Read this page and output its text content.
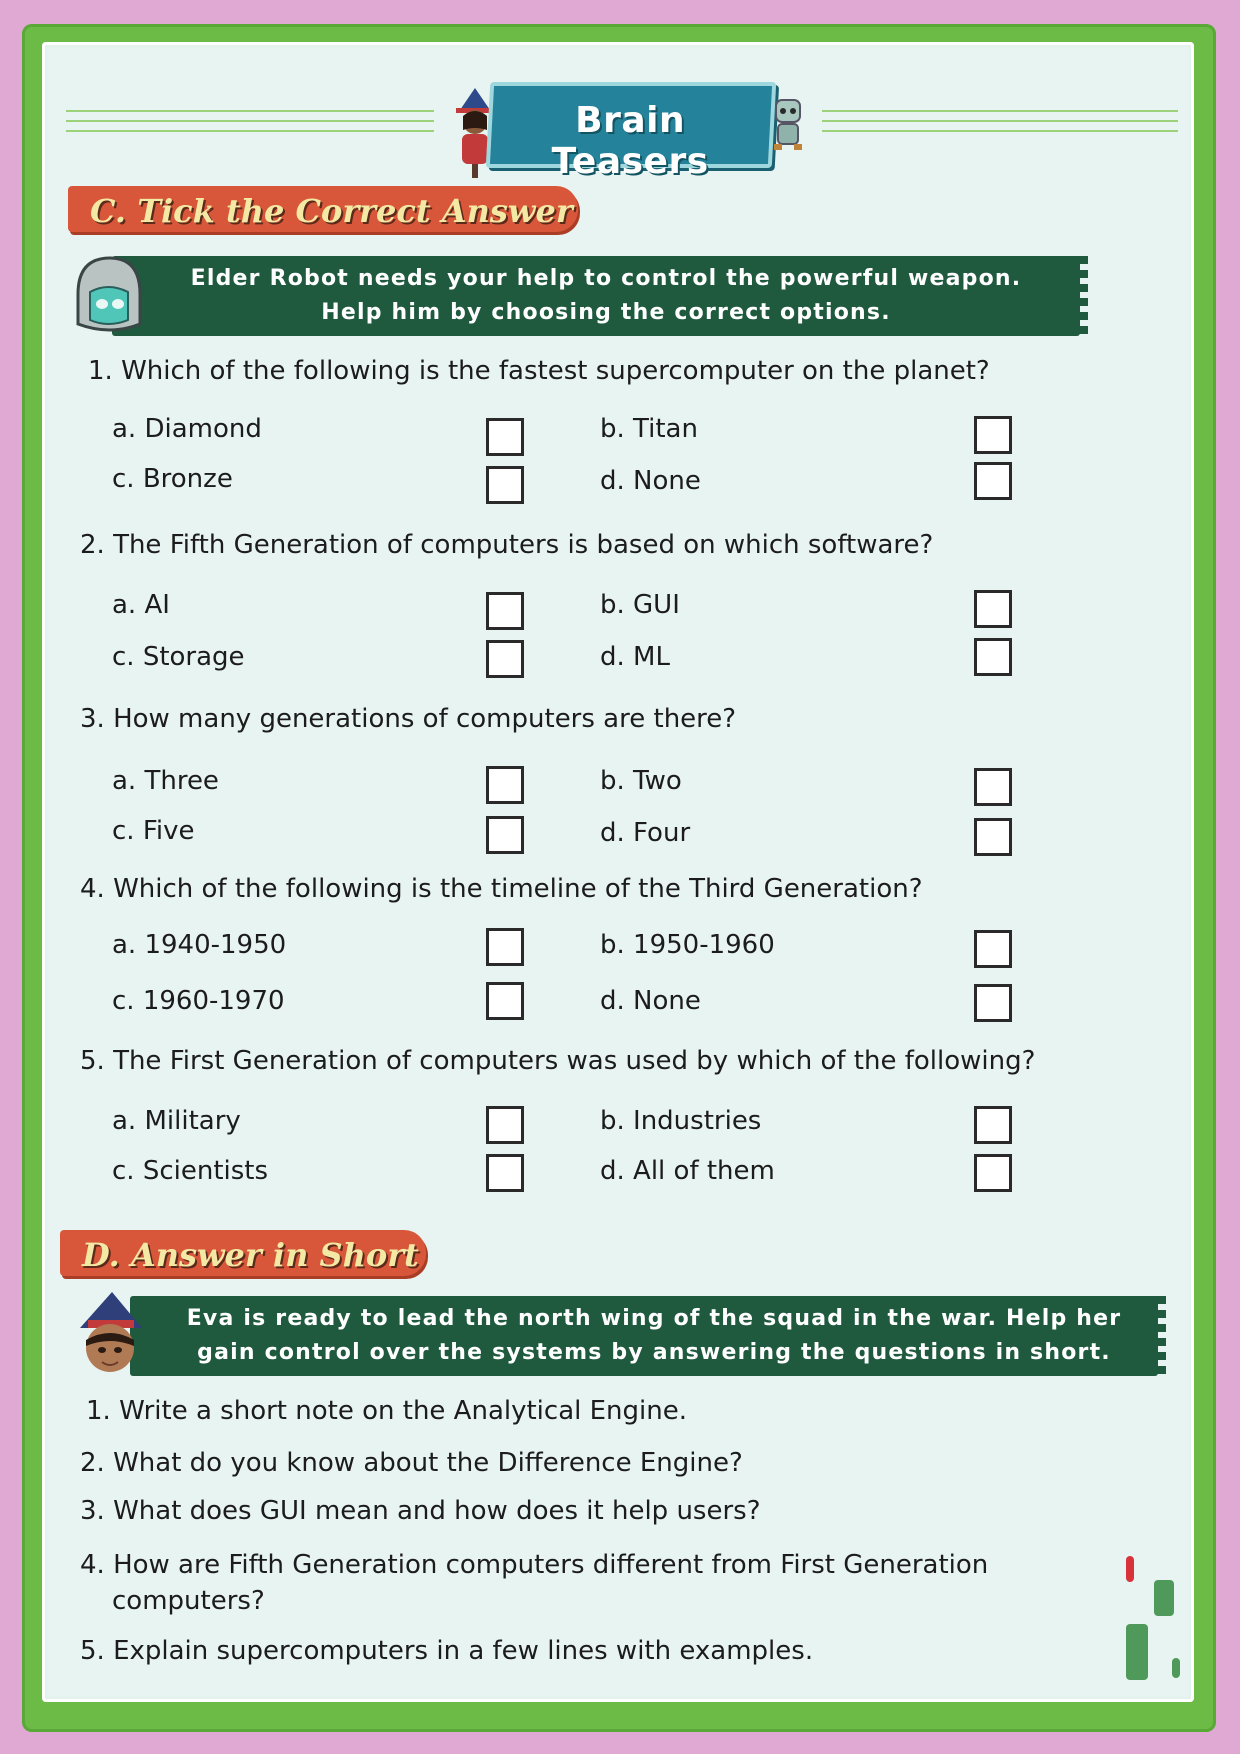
Brain Teasers
C. Tick the Correct Answer
Elder Robot needs your help to control the powerful weapon.
Help him by choosing the correct options.
1. Which of the following is the fastest supercomputer on the planet?
a. Diamond	b. Titan
c. Bronze	d. None
2. The Fifth Generation of computers is based on which software?
a. AI	b. GUI
c. Storage	d. ML
3. How many generations of computers are there?
a. Three	b. Two
c. Five	d. Four
4. Which of the following is the timeline of the Third Generation?
a. 1940-1950	b. 1950-1960
c. 1960-1970	d. None
5. The First Generation of computers was used by which of the following?
a. Military	b. Industries
c. Scientists	d. All of them
D. Answer in Short
Eva is ready to lead the north wing of the squad in the war. Help her
gain control over the systems by answering the questions in short.
1. Write a short note on the Analytical Engine.
2. What do you know about the Difference Engine?
3. What does GUI mean and how does it help users?
4. How are Fifth Generation computers different from First Generation
computers?
5. Explain supercomputers in a few lines with examples.
